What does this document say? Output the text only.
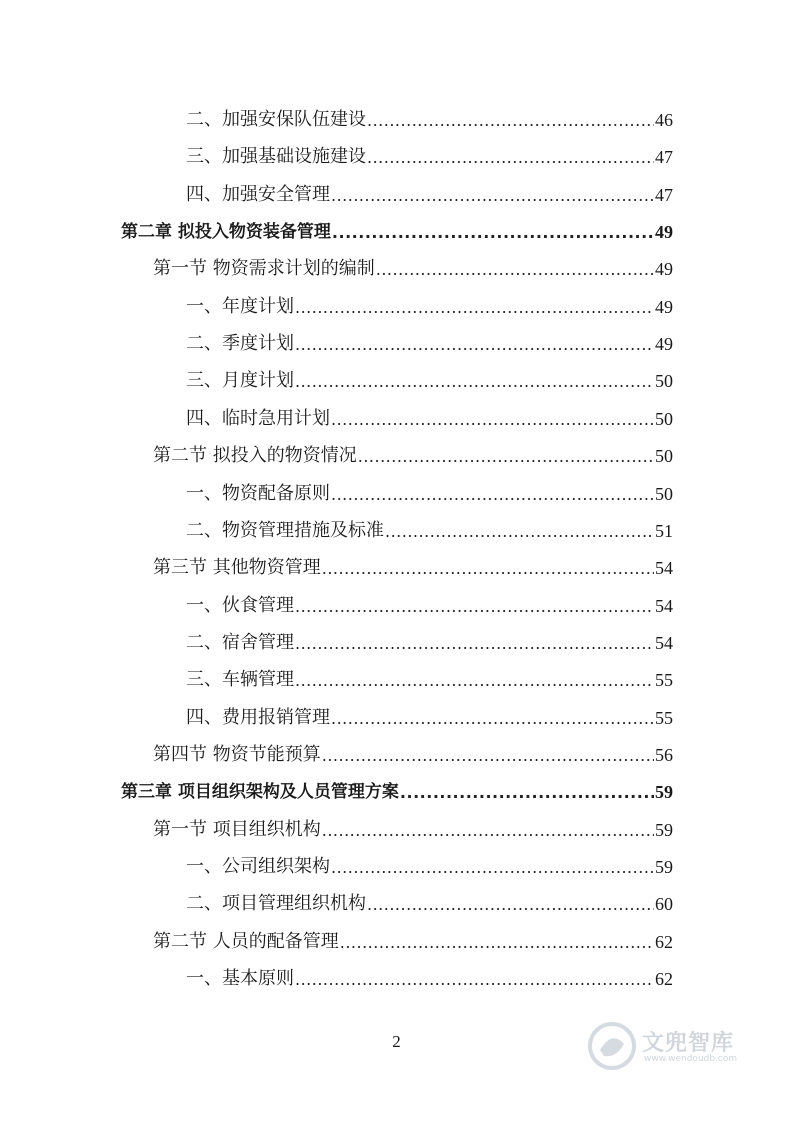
二、加强安保队伍建设 .....	46
三、加强基础设施建设 .....	47
四、加强安全管理 .....	47
第二章 拟投入物资装备管理 .....	49
第一节 物资需求计划的编制 .....	49
一、年度计划 .....	49
二、季度计划 .....	49
三、月度计划 .....	50
四、临时急用计划 .....	50
第二节 拟投入的物资情况 .....	50
一、物资配备原则 .....	50
二、物资管理措施及标准 .....	51
第三节 其他物资管理 .....	54
一、伙食管理 .....	54
二、宿舍管理 .....	54
三、车辆管理 .....	55
四、费用报销管理 .....	55
第四节 物资节能预算 .....	56
第三章 项目组织架构及人员管理方案 .....	59
第一节 项目组织机构 .....	59
一、公司组织架构 .....	59
二、项目管理组织机构 .....	60
第二节 人员的配备管理 .....	62
一、基本原则 .....	62
2	文兜智库
www.wendoudb.com
